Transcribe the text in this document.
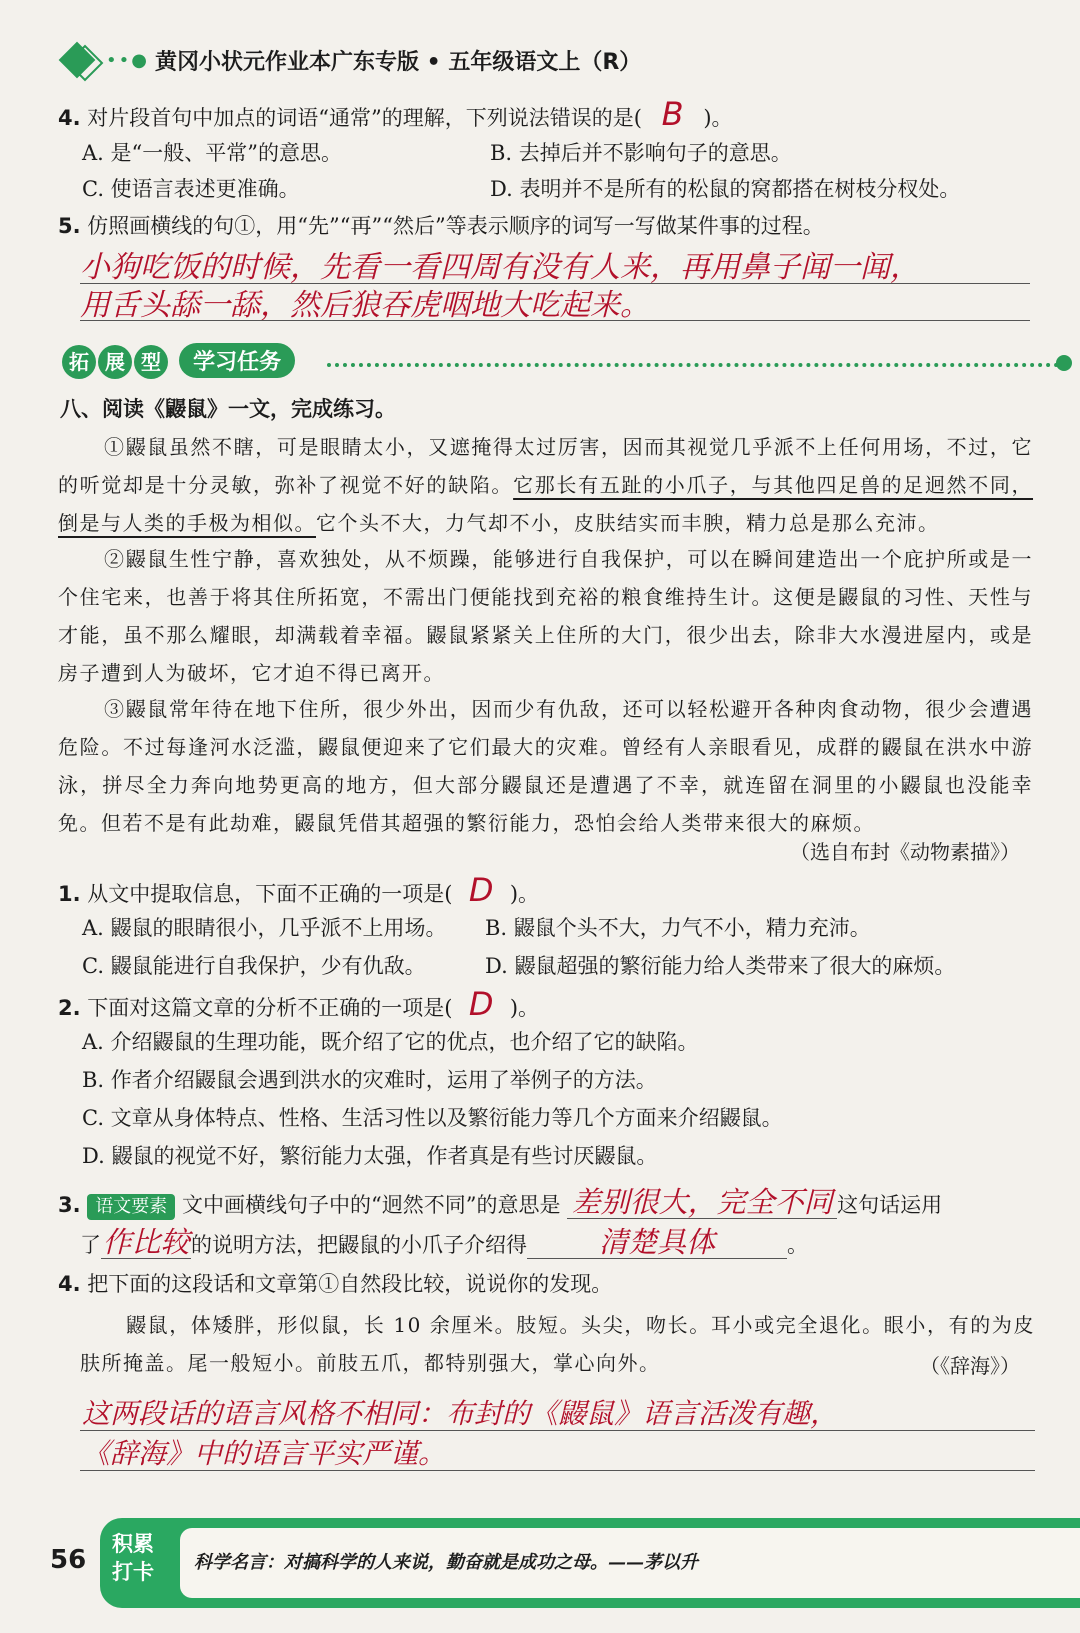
••● 黄冈小状元作业本广东专版 • 五年级语文上（R）
4. 对片段首句中加点的词语“通常”的理解，下列说法错误的是( B )。
A. 是“一般、平常”的意思。	B. 去掉后并不影响句子的意思。
C. 使语言表述更准确。	D. 表明并不是所有的松鼠的窝都搭在树枝分杈处。
5. 仿照画横线的句①，用“先”“再”“然后”等表示顺序的词写一写做某件事的过程。
小狗吃饭的时候，先看一看四周有没有人来，再用鼻子闻一闻，
用舌头舔一舔，然后狼吞虎咽地大吃起来。
拓 展 型 学习任务
八、阅读《鼹鼠》一文，完成练习。
①鼹鼠虽然不瞎，可是眼睛太小，又遮掩得太过厉害，因而其视觉几乎派不上任何用场，不过，它的听觉却是十分灵敏，弥补了视觉不好的缺陷。它那长有五趾的小爪子，与其他四足兽的足迥然不同，倒是与人类的手极为相似。它个头不大，力气却不小，皮肤结实而丰腴，精力总是那么充沛。
②鼹鼠生性宁静，喜欢独处，从不烦躁，能够进行自我保护，可以在瞬间建造出一个庇护所或是一个住宅来，也善于将其住所拓宽，不需出门便能找到充裕的粮食维持生计。这便是鼹鼠的习性、天性与才能，虽不那么耀眼，却满载着幸福。鼹鼠紧紧关上住所的大门，很少出去，除非大水漫进屋内，或是房子遭到人为破坏，它才迫不得已离开。
③鼹鼠常年待在地下住所，很少外出，因而少有仇敌，还可以轻松避开各种肉食动物，很少会遭遇危险。不过每逢河水泛滥，鼹鼠便迎来了它们最大的灾难。曾经有人亲眼看见，成群的鼹鼠在洪水中游泳，拼尽全力奔向地势更高的地方，但大部分鼹鼠还是遭遇了不幸，就连留在洞里的小鼹鼠也没能幸免。但若不是有此劫难，鼹鼠凭借其超强的繁衍能力，恐怕会给人类带来很大的麻烦。
（选自布封《动物素描》）
1. 从文中提取信息，下面不正确的一项是( D )。
A. 鼹鼠的眼睛很小，几乎派不上用场。 B. 鼹鼠个头不大，力气不小，精力充沛。
C. 鼹鼠能进行自我保护，少有仇敌。	D. 鼹鼠超强的繁衍能力给人类带来了很大的麻烦。
2. 下面对这篇文章的分析不正确的一项是( D )。
A. 介绍鼹鼠的生理功能，既介绍了它的优点，也介绍了它的缺陷。
B. 作者介绍鼹鼠会遇到洪水的灾难时，运用了举例子的方法。
C. 文章从身体特点、性格、生活习性以及繁衍能力等几个方面来介绍鼹鼠。
D. 鼹鼠的视觉不好，繁衍能力太强，作者真是有些讨厌鼹鼠。
3. 语文要素 文中画横线句子中的“迥然不同”的意思是 差别很大，完全不同 这句话运用
了作比较的说明方法，把鼹鼠的小爪子介绍得 清楚具体	。
4. 把下面的这段话和文章第①自然段比较，说说你的发现。
鼹鼠，体矮胖，形似鼠，长 10 余厘米。肢短。头尖，吻长。耳小或完全退化。眼小，有的为皮肤所掩盖。尾一般短小。前肢五爪，都特别强大，掌心向外。	（《辞海》）
这两段话的语言风格不相同：布封的《鼹鼠》语言活泼有趣，
《辞海》中的语言平实严谨。
56
积累
打卡 科学名言：对搞科学的人来说，勤奋就是成功之母。——茅以升
